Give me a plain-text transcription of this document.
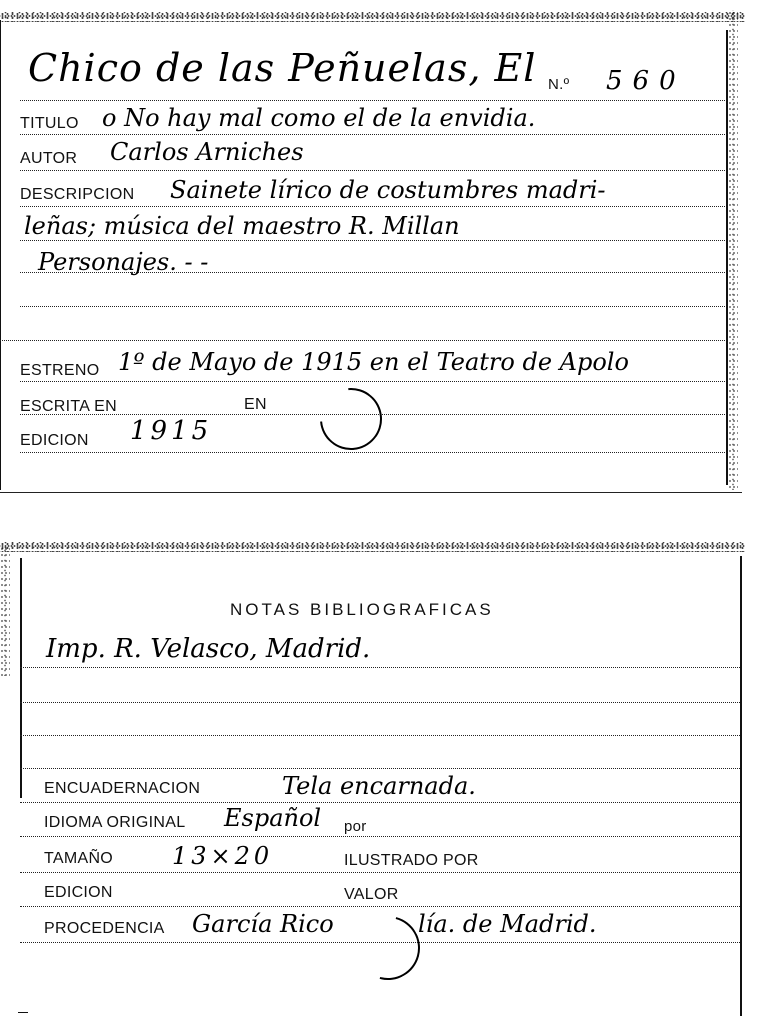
Chico de las Peñuelas, El N.º 560
TITULO o No hay mal como el de la envidia.
AUTOR Carlos Arniches
DESCRIPCION Sainete lírico de costumbres madri-
leñas; música del maestro R. Millan
Personajes. - -
ESTRENO 1º de Mayo de 1915 en el Teatro de Apolo
ESCRITA EN	EN
EDICION 1915
NOTAS BIBLIOGRAFICAS
Imp. R. Velasco, Madrid.
ENCUADERNACION	Tela encarnada.
IDIOMA ORIGINAL Español por
TAMAÑO 13×20	ILUSTRADO POR
EDICION	VALOR
PROCEDENCIA García Rico	lía. de Madrid.
